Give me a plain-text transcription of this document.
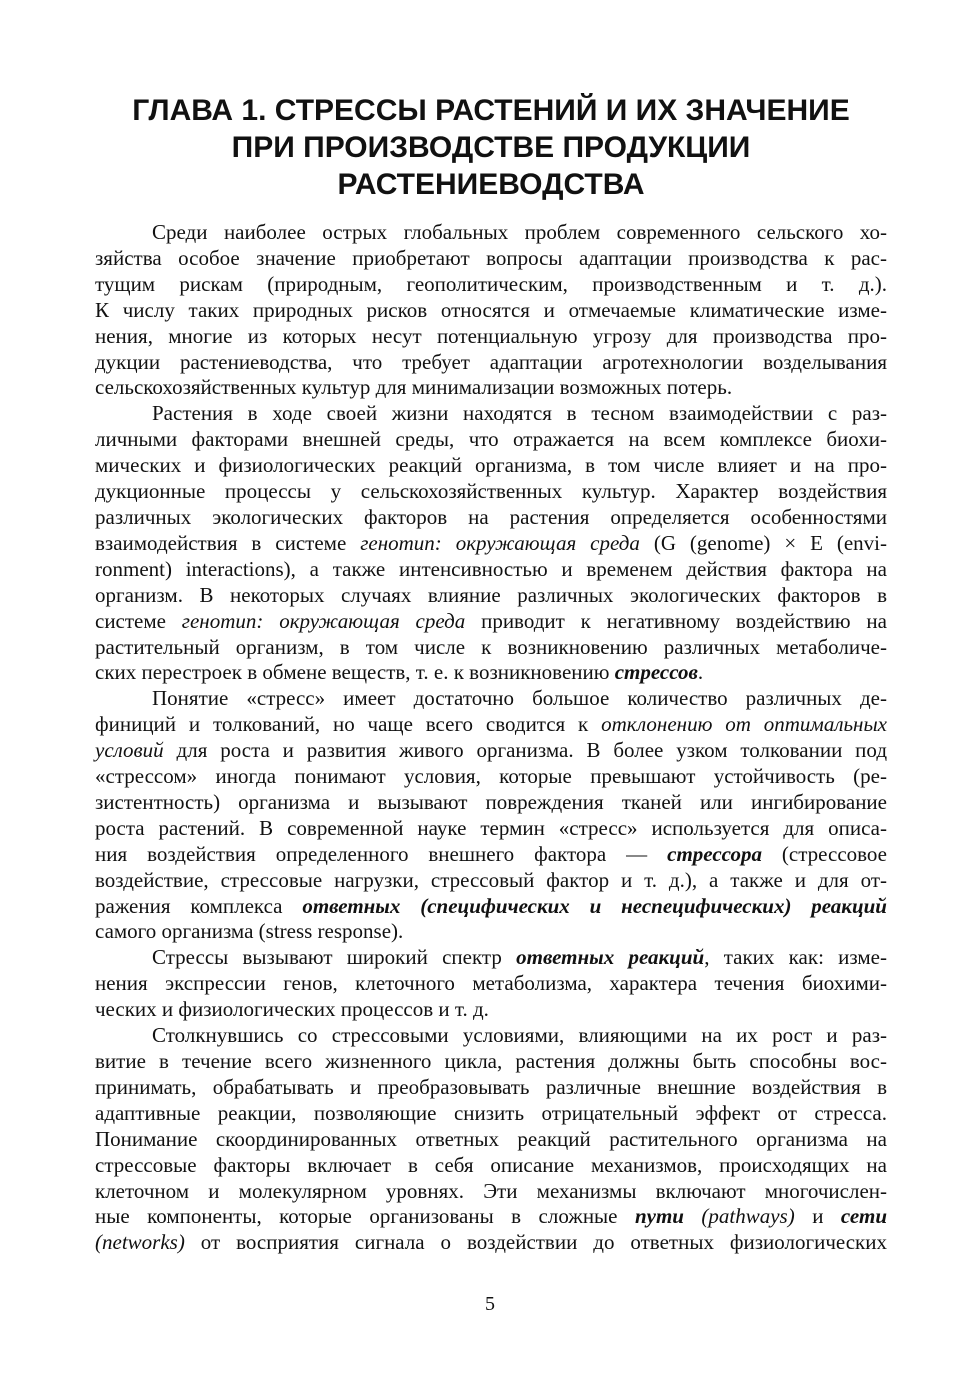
ГЛАВА 1. СТРЕССЫ РАСТЕНИЙ И ИХ ЗНАЧЕНИЕ
ПРИ ПРОИЗВОДСТВЕ ПРОДУКЦИИ
РАСТЕНИЕВОДСТВА

Среди наиболее острых глобальных проблем современного сельского хо-
зяйства особое значение приобретают вопросы адаптации производства к рас-
тущим рискам (природным, геополитическим, производственным и т. д.).
К числу таких природных рисков относятся и отмечаемые климатические изме-
нения, многие из которых несут потенциальную угрозу для производства про-
дукции растениеводства, что требует адаптации агротехнологии возделывания
сельскохозяйственных культур для минимализации возможных потерь.

Растения в ходе своей жизни находятся в тесном взаимодействии с раз-
личными факторами внешней среды, что отражается на всем комплексе биохи-
мических и физиологических реакций организма, в том числе влияет и на про-
дукционные процессы у сельскохозяйственных культур. Характер воздействия
различных экологических факторов на растения определяется особенностями
взаимодействия в системе генотип: окружающая среда (G (genome) × E (envi-
ronment) interactions), а также интенсивностью и временем действия фактора на
организм. В некоторых случаях влияние различных экологических факторов в
системе генотип: окружающая среда приводит к негативному воздействию на
растительный организм, в том числе к возникновению различных метаболиче-
ских перестроек в обмене веществ, т. е. к возникновению стрессов.

Понятие «стресс» имеет достаточно большое количество различных де-
финиций и толкований, но чаще всего сводится к отклонению от оптимальных
условий для роста и развития живого организма. В более узком толковании под
«стрессом» иногда понимают условия, которые превышают устойчивость (ре-
зистентность) организма и вызывают повреждения тканей или ингибирование
роста растений. В современной науке термин «стресс» используется для описа-
ния воздействия определенного внешнего фактора — стрессора (стрессовое
воздействие, стрессовые нагрузки, стрессовый фактор и т. д.), а также и для от-
ражения комплекса ответных (специфических и неспецифических) реакций
самого организма (stress response).

Стрессы вызывают широкий спектр ответных реакций, таких как: изме-
нения экспрессии генов, клеточного метаболизма, характера течения биохими-
ческих и физиологических процессов и т. д.

Столкнувшись со стрессовыми условиями, влияющими на их рост и раз-
витие в течение всего жизненного цикла, растения должны быть способны вос-
принимать, обрабатывать и преобразовывать различные внешние воздействия в
адаптивные реакции, позволяющие снизить отрицательный эффект от стресса.
Понимание скоординированных ответных реакций растительного организма на
стрессовые факторы включает в себя описание механизмов, происходящих на
клеточном и молекулярном уровнях. Эти механизмы включают многочислен-
ные компоненты, которые организованы в сложные пути (pathways) и сети
(networks) от восприятия сигнала о воздействии до ответных физиологических

5
